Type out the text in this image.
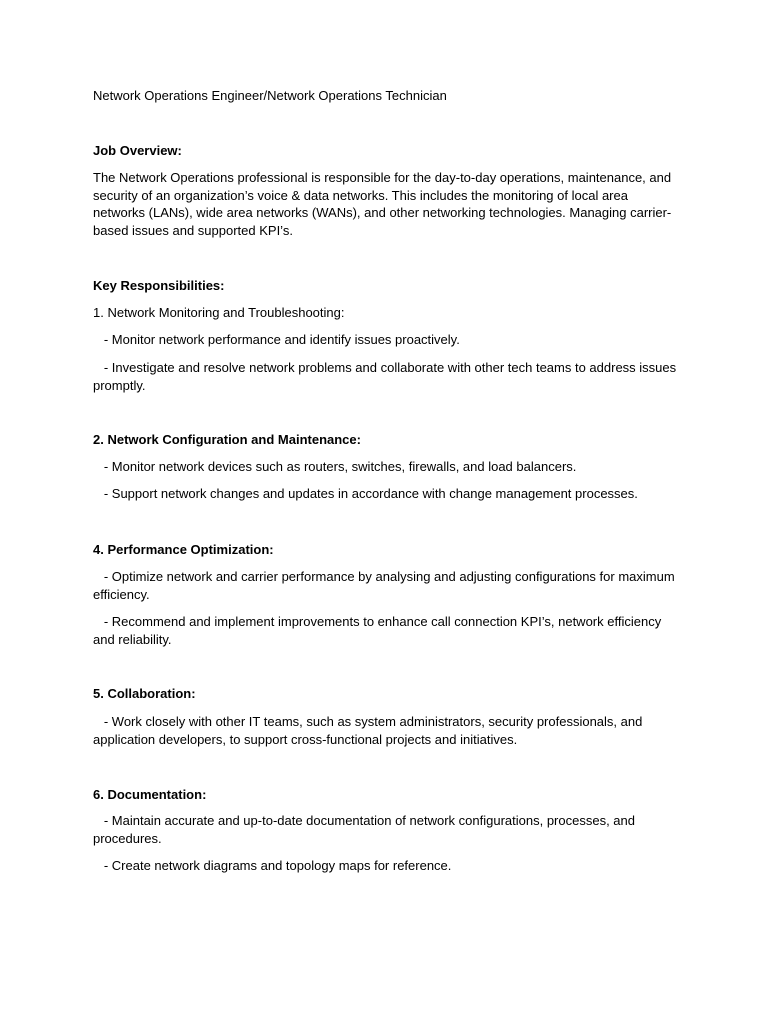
Network Operations Engineer/Network Operations Technician

Job Overview:

The Network Operations professional is responsible for the day-to-day operations, maintenance, and security of an organization’s voice & data networks. This includes the monitoring of local area networks (LANs), wide area networks (WANs), and other networking technologies. Managing carrier-based issues and supported KPI’s.

Key Responsibilities:

1. Network Monitoring and Troubleshooting:

- Monitor network performance and identify issues proactively.

- Investigate and resolve network problems and collaborate with other tech teams to address issues promptly.

2. Network Configuration and Maintenance:

- Monitor network devices such as routers, switches, firewalls, and load balancers.

- Support network changes and updates in accordance with change management processes.

4. Performance Optimization:

- Optimize network and carrier performance by analysing and adjusting configurations for maximum efficiency.

- Recommend and implement improvements to enhance call connection KPI’s, network efficiency and reliability.

5. Collaboration:

- Work closely with other IT teams, such as system administrators, security professionals, and application developers, to support cross-functional projects and initiatives.

6. Documentation:

- Maintain accurate and up-to-date documentation of network configurations, processes, and procedures.

- Create network diagrams and topology maps for reference.
